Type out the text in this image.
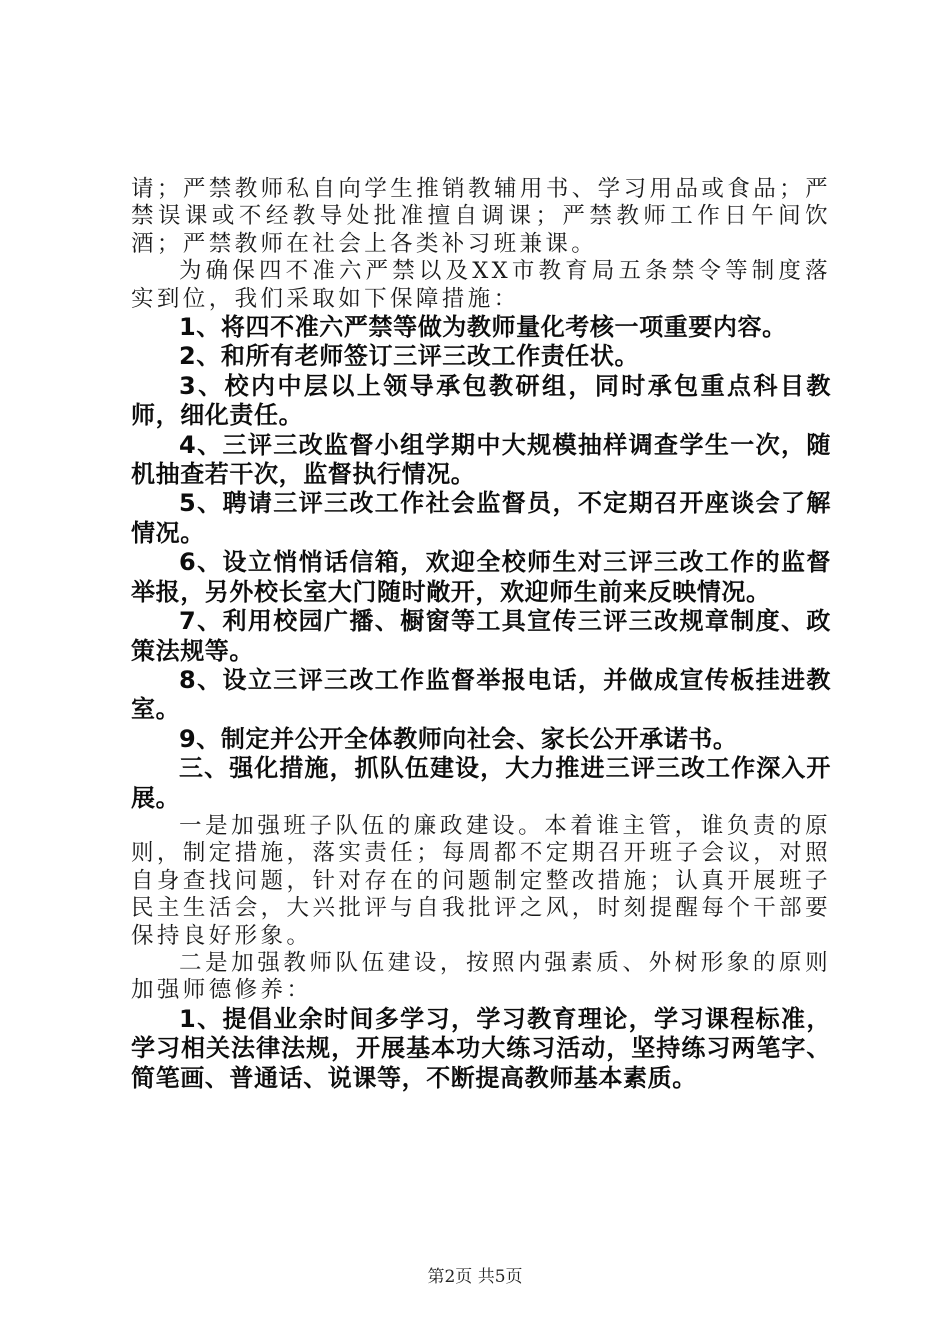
请；严禁教师私自向学生推销教辅用书、学习用品或食品；严禁误课或不经教导处批准擅自调课；严禁教师工作日午间饮酒；严禁教师在社会上各类补习班兼课。

为确保四不准六严禁以及XX市教育局五条禁令等制度落实到位，我们采取如下保障措施：

1、将四不准六严禁等做为教师量化考核一项重要内容。

2、和所有老师签订三评三改工作责任状。

3、校内中层以上领导承包教研组，同时承包重点科目教师，细化责任。

4、三评三改监督小组学期中大规模抽样调查学生一次，随机抽查若干次，监督执行情况。

5、聘请三评三改工作社会监督员，不定期召开座谈会了解情况。

6、设立悄悄话信箱，欢迎全校师生对三评三改工作的监督举报，另外校长室大门随时敞开，欢迎师生前来反映情况。

7、利用校园广播、橱窗等工具宣传三评三改规章制度、政策法规等。

8、设立三评三改工作监督举报电话，并做成宣传板挂进教室。

9、制定并公开全体教师向社会、家长公开承诺书。

三、强化措施，抓队伍建设，大力推进三评三改工作深入开展。

一是加强班子队伍的廉政建设。本着谁主管，谁负责的原则，制定措施，落实责任；每周都不定期召开班子会议，对照自身查找问题，针对存在的问题制定整改措施；认真开展班子民主生活会，大兴批评与自我批评之风，时刻提醒每个干部要保持良好形象。

二是加强教师队伍建设，按照内强素质、外树形象的原则加强师德修养：

1、提倡业余时间多学习，学习教育理论，学习课程标准，学习相关法律法规，开展基本功大练习活动，坚持练习两笔字、简笔画、普通话、说课等，不断提高教师基本素质。

第2页 共5页
